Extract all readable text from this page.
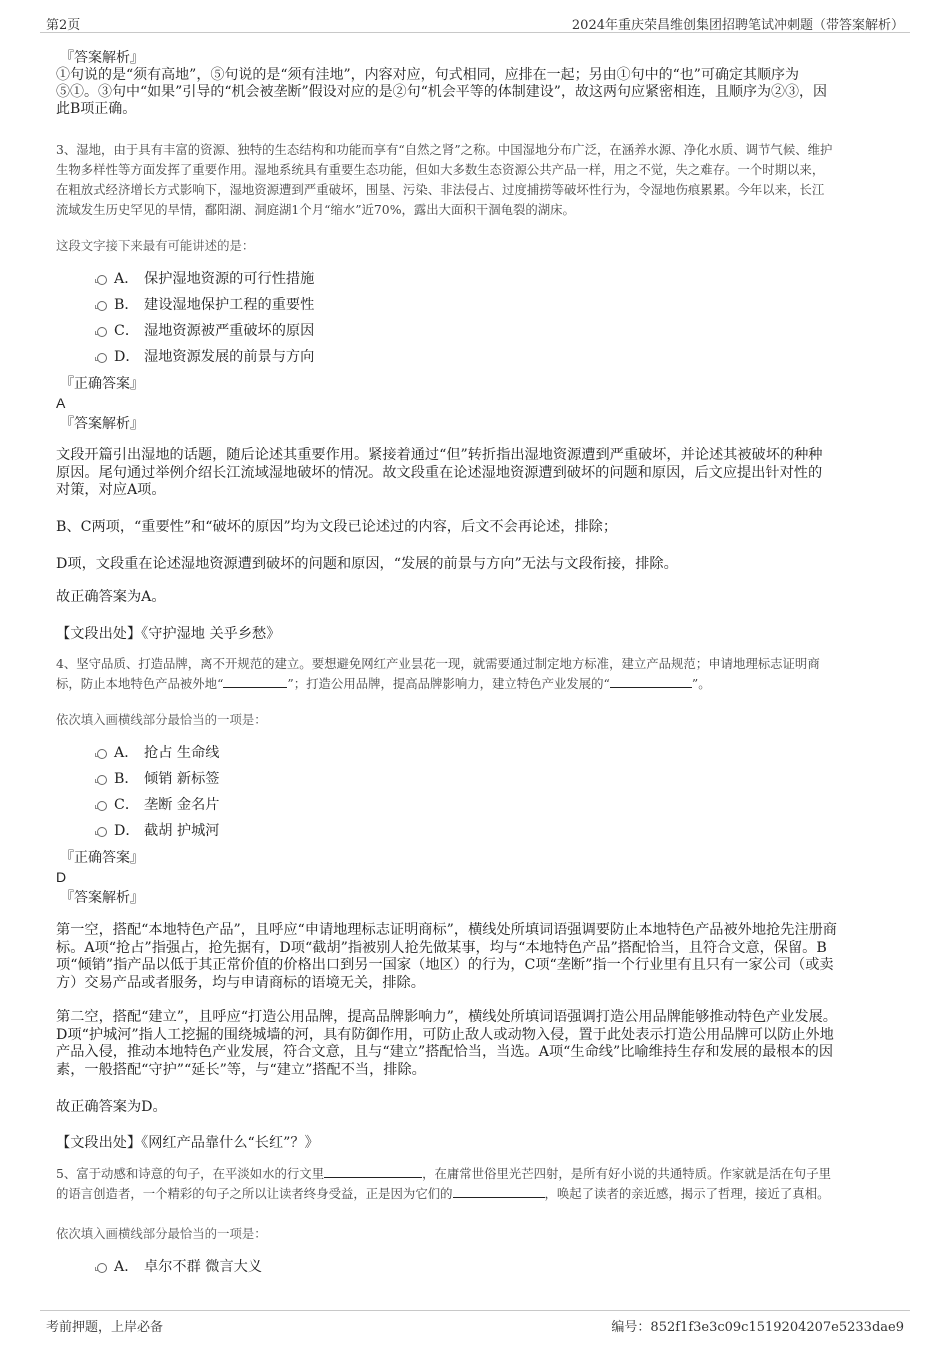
第2页	2024年重庆荣昌维创集团招聘笔试冲刺题（带答案解析）

『答案解析』

①句说的是“须有高地”，⑤句说的是“须有洼地”，内容对应，句式相同，应排在一起；另由①句中的“也”可确定其顺序为

⑤①。③句中“如果”引导的“机会被垄断”假设对应的是②句“机会平等的体制建设”，故这两句应紧密相连，且顺序为②③，因

此B项正确。

3、湿地，由于具有丰富的资源、独特的生态结构和功能而享有“自然之肾”之称。中国湿地分布广泛，在涵养水源、净化水质、调节气候、维护

生物多样性等方面发挥了重要作用。湿地系统具有重要生态功能，但如大多数生态资源公共产品一样，用之不觉，失之难存。一个时期以来，

在粗放式经济增长方式影响下，湿地资源遭到严重破坏，围垦、污染、非法侵占、过度捕捞等破坏性行为，令湿地伤痕累累。今年以来，长江

流域发生历史罕见的旱情，鄱阳湖、洞庭湖1个月“缩水”近70%，露出大面积干涸龟裂的湖床。

这段文字接下来最有可能讲述的是：

A． 保护湿地资源的可行性措施
B． 建设湿地保护工程的重要性
C． 湿地资源被严重破坏的原因
D． 湿地资源发展的前景与方向

『正确答案』

A

『答案解析』

文段开篇引出湿地的话题，随后论述其重要作用。紧接着通过“但”转折指出湿地资源遭到严重破坏，并论述其被破坏的种种

原因。尾句通过举例介绍长江流域湿地破坏的情况。故文段重在论述湿地资源遭到破坏的问题和原因，后文应提出针对性的

对策，对应A项。

B、C两项，“重要性”和“破坏的原因”均为文段已论述过的内容，后文不会再论述，排除；

D项，文段重在论述湿地资源遭到破坏的问题和原因，“发展的前景与方向”无法与文段衔接，排除。

故正确答案为A。

【文段出处】《守护湿地 关乎乡愁》

4、坚守品质、打造品牌，离不开规范的建立。要想避免网红产业昙花一现，就需要通过制定地方标准，建立产品规范；申请地理标志证明商

标，防止本地特色产品被外地“	”；打造公用品牌，提高品牌影响力，建立特色产业发展的“	”。

依次填入画横线部分最恰当的一项是：

A． 抢占 生命线
B． 倾销 新标签
C． 垄断 金名片
D． 截胡 护城河

『正确答案』

D

『答案解析』

第一空，搭配“本地特色产品”，且呼应“申请地理标志证明商标”，横线处所填词语强调要防止本地特色产品被外地抢先注册商

标。A项“抢占”指强占，抢先据有，D项“截胡”指被别人抢先做某事，均与“本地特色产品”搭配恰当，且符合文意，保留。B

项“倾销”指产品以低于其正常价值的价格出口到另一国家（地区）的行为，C项“垄断”指一个行业里有且只有一家公司（或卖

方）交易产品或者服务，均与申请商标的语境无关，排除。

第二空，搭配“建立”，且呼应“打造公用品牌，提高品牌影响力”，横线处所填词语强调打造公用品牌能够推动特色产业发展。

D项“护城河”指人工挖掘的围绕城墙的河，具有防御作用，可防止敌人或动物入侵，置于此处表示打造公用品牌可以防止外地

产品入侵，推动本地特色产业发展，符合文意，且与“建立”搭配恰当，当选。A项“生命线”比喻维持生存和发展的最根本的因

素，一般搭配“守护”“延长”等，与“建立”搭配不当，排除。

故正确答案为D。

【文段出处】《网红产品靠什么“长红”？》

5、富于动感和诗意的句子，在平淡如水的行文里	，在庸常世俗里光芒四射，是所有好小说的共通特质。作家就是活在句子里

的语言创造者，一个精彩的句子之所以让读者终身受益，正是因为它们的	，唤起了读者的亲近感，揭示了哲理，接近了真相。

依次填入画横线部分最恰当的一项是：

A． 卓尔不群 微言大义
考前押题，上岸必备	编号：852f1f3e3c09c1519204207e5233dae9
